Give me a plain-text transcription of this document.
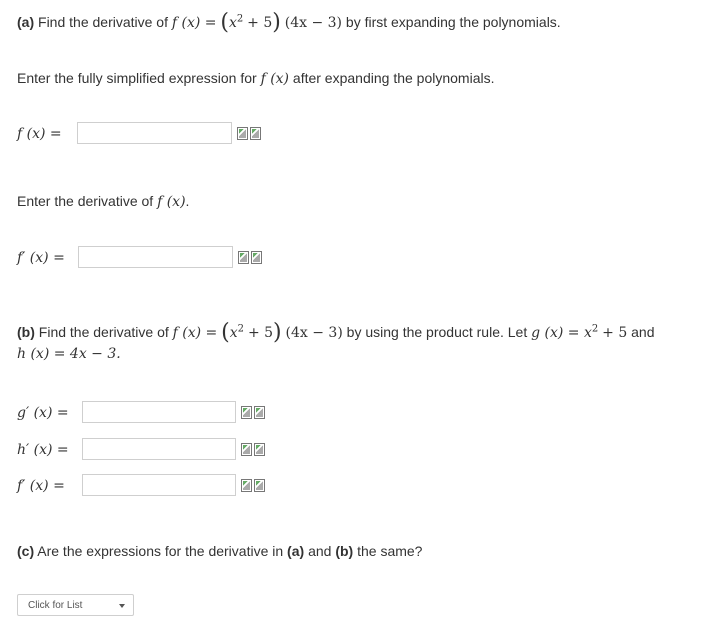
(a) Find the derivative of f $(x) = (x^2 + 5) (4x - 3)$ by first expanding the polynomials.
Enter the fully simplified expression for f (x) after expanding the polynomials.
f (x) =
Enter the derivative of f (x).
f′ (x) =
(b) Find the derivative of f $(x) = (x^2 + 5) (4x - 3)$ by using the product rule. Let g $(x) = x^2 + 5$ and
h (x) = 4x − 3.
g′ (x) =
h′ (x) =
f′ (x) =
(c) Are the expressions for the derivative in (a) and (b) the same?
Click for List
